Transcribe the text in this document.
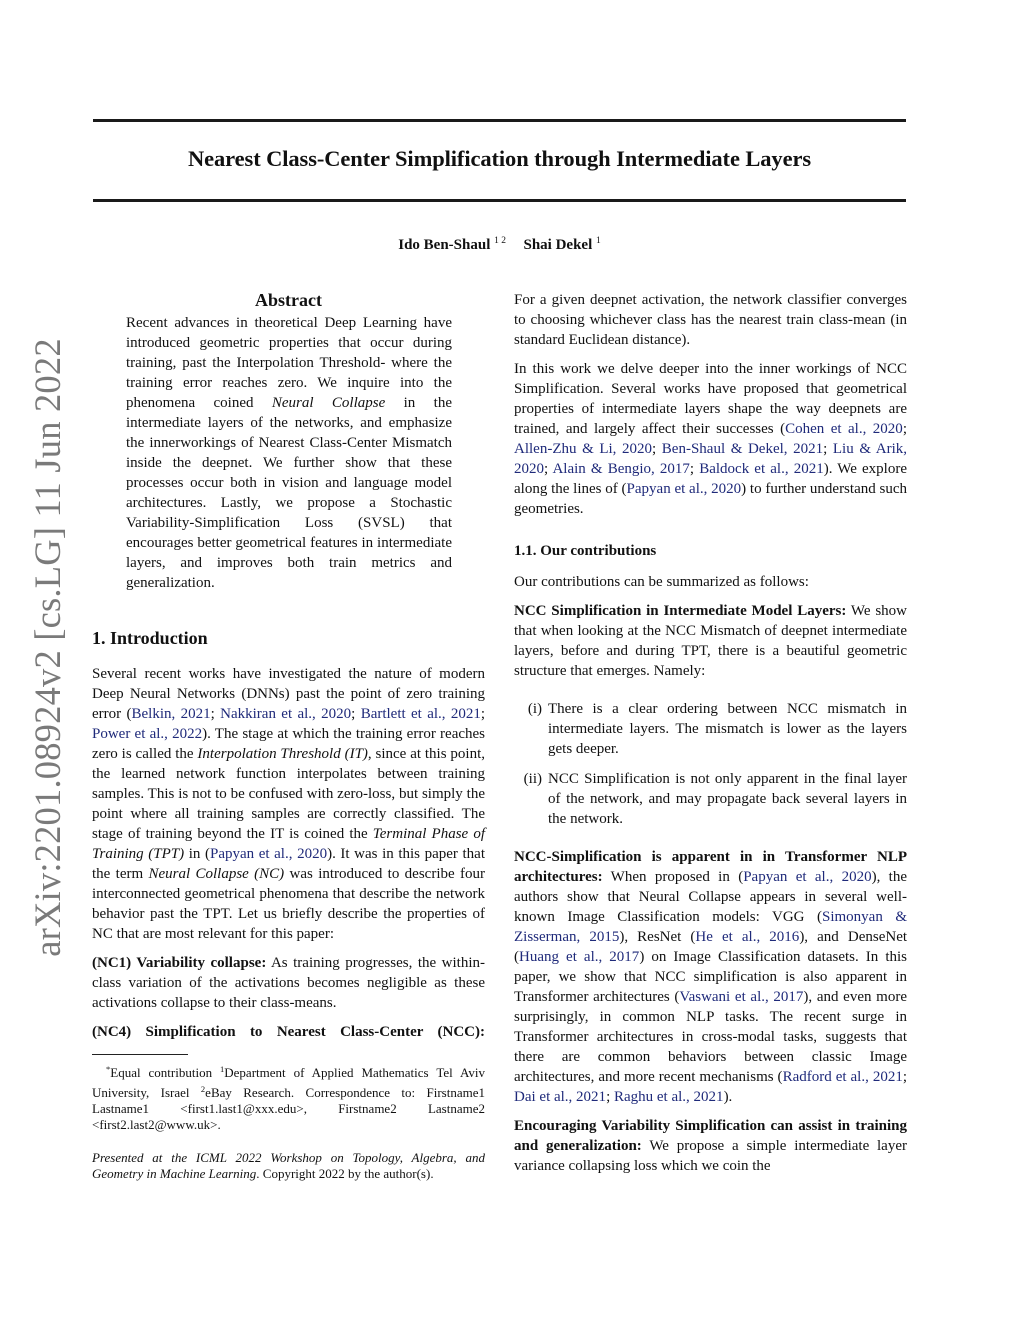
arXiv:2201.08924v2 [cs.LG] 11 Jun 2022
Nearest Class-Center Simplification through Intermediate Layers
Ido Ben-Shaul $^{1 2}$ Shai Dekel $^1$
Abstract
Recent advances in theoretical Deep Learning have introduced geometric properties that occur during training, past the Interpolation Threshold- where the training error reaches zero. We inquire into the phenomena coined Neural Collapse in the intermediate layers of the networks, and emphasize the innerworkings of Nearest Class-Center Mismatch inside the deepnet. We further show that these processes occur both in vision and language model architectures. Lastly, we propose a Stochastic Variability-Simplification Loss (SVSL) that encourages better geometrical features in intermediate layers, and improves both train metrics and generalization.
1. Introduction

Several recent works have investigated the nature of modern Deep Neural Networks (DNNs) past the point of zero training error (Belkin, 2021; Nakkiran et al., 2020; Bartlett et al., 2021; Power et al., 2022). The stage at which the training error reaches zero is called the Interpolation Threshold (IT), since at this point, the learned network function interpolates between training samples. This is not to be confused with zero-loss, but simply the point where all training samples are correctly classified. The stage of training beyond the IT is coined the Terminal Phase of Training (TPT) in (Papyan et al., 2020). It was in this paper that the term Neural Collapse (NC) was introduced to describe four interconnected geometrical phenomena that describe the network behavior past the TPT. Let us briefly describe the properties of NC that are most relevant for this paper:

(NC1) Variability collapse: As training progresses, the within-class variation of the activations becomes negligible as these activations collapse to their class-means.

(NC4) Simplification to Nearest Class-Center (NCC):

*Equal contribution $^1$Department of Applied Mathematics Tel Aviv University, Israel $^2$eBay Research. Correspondence to: Firstname1 Lastname1 <first1.last1@xxx.edu>, Firstname2 Lastname2 <first2.last2@www.uk>.
Presented at the ICML 2022 Workshop on Topology, Algebra, and Geometry in Machine Learning. Copyright 2022 by the author(s).

For a given deepnet activation, the network classifier converges to choosing whichever class has the nearest train class-mean (in standard Euclidean distance).

In this work we delve deeper into the inner workings of NCC Simplification. Several works have proposed that geometrical properties of intermediate layers shape the way deepnets are trained, and largely affect their successes (Cohen et al., 2020; Allen-Zhu & Li, 2020; Ben-Shaul & Dekel, 2021; Liu & Arik, 2020; Alain & Bengio, 2017; Baldock et al., 2021). We explore along the lines of (Papyan et al., 2020) to further understand such geometries.

1.1. Our contributions

Our contributions can be summarized as follows:

NCC Simplification in Intermediate Model Layers: We show that when looking at the NCC Mismatch of deepnet intermediate layers, before and during TPT, there is a beautiful geometric structure that emerges. Namely:

(i) There is a clear ordering between NCC mismatch in intermediate layers. The mismatch is lower as the layers gets deeper.
(ii) NCC Simplification is not only apparent in the final layer of the network, and may propagate back several layers in the network.

NCC-Simplification is apparent in in Transformer NLP architectures: When proposed in (Papyan et al., 2020), the authors show that Neural Collapse appears in several well-known Image Classification models: VGG (Simonyan & Zisserman, 2015), ResNet (He et al., 2016), and DenseNet (Huang et al., 2017) on Image Classification datasets. In this paper, we show that NCC simplification is also apparent in Transformer architectures (Vaswani et al., 2017), and even more surprisingly, in common NLP tasks. The recent surge in Transformer architectures in cross-modal tasks, suggests that there are common behaviors between classic Image architectures, and more recent mechanisms (Radford et al., 2021; Dai et al., 2021; Raghu et al., 2021).

Encouraging Variability Simplification can assist in training and generalization: We propose a simple intermediate layer variance collapsing loss which we coin the
